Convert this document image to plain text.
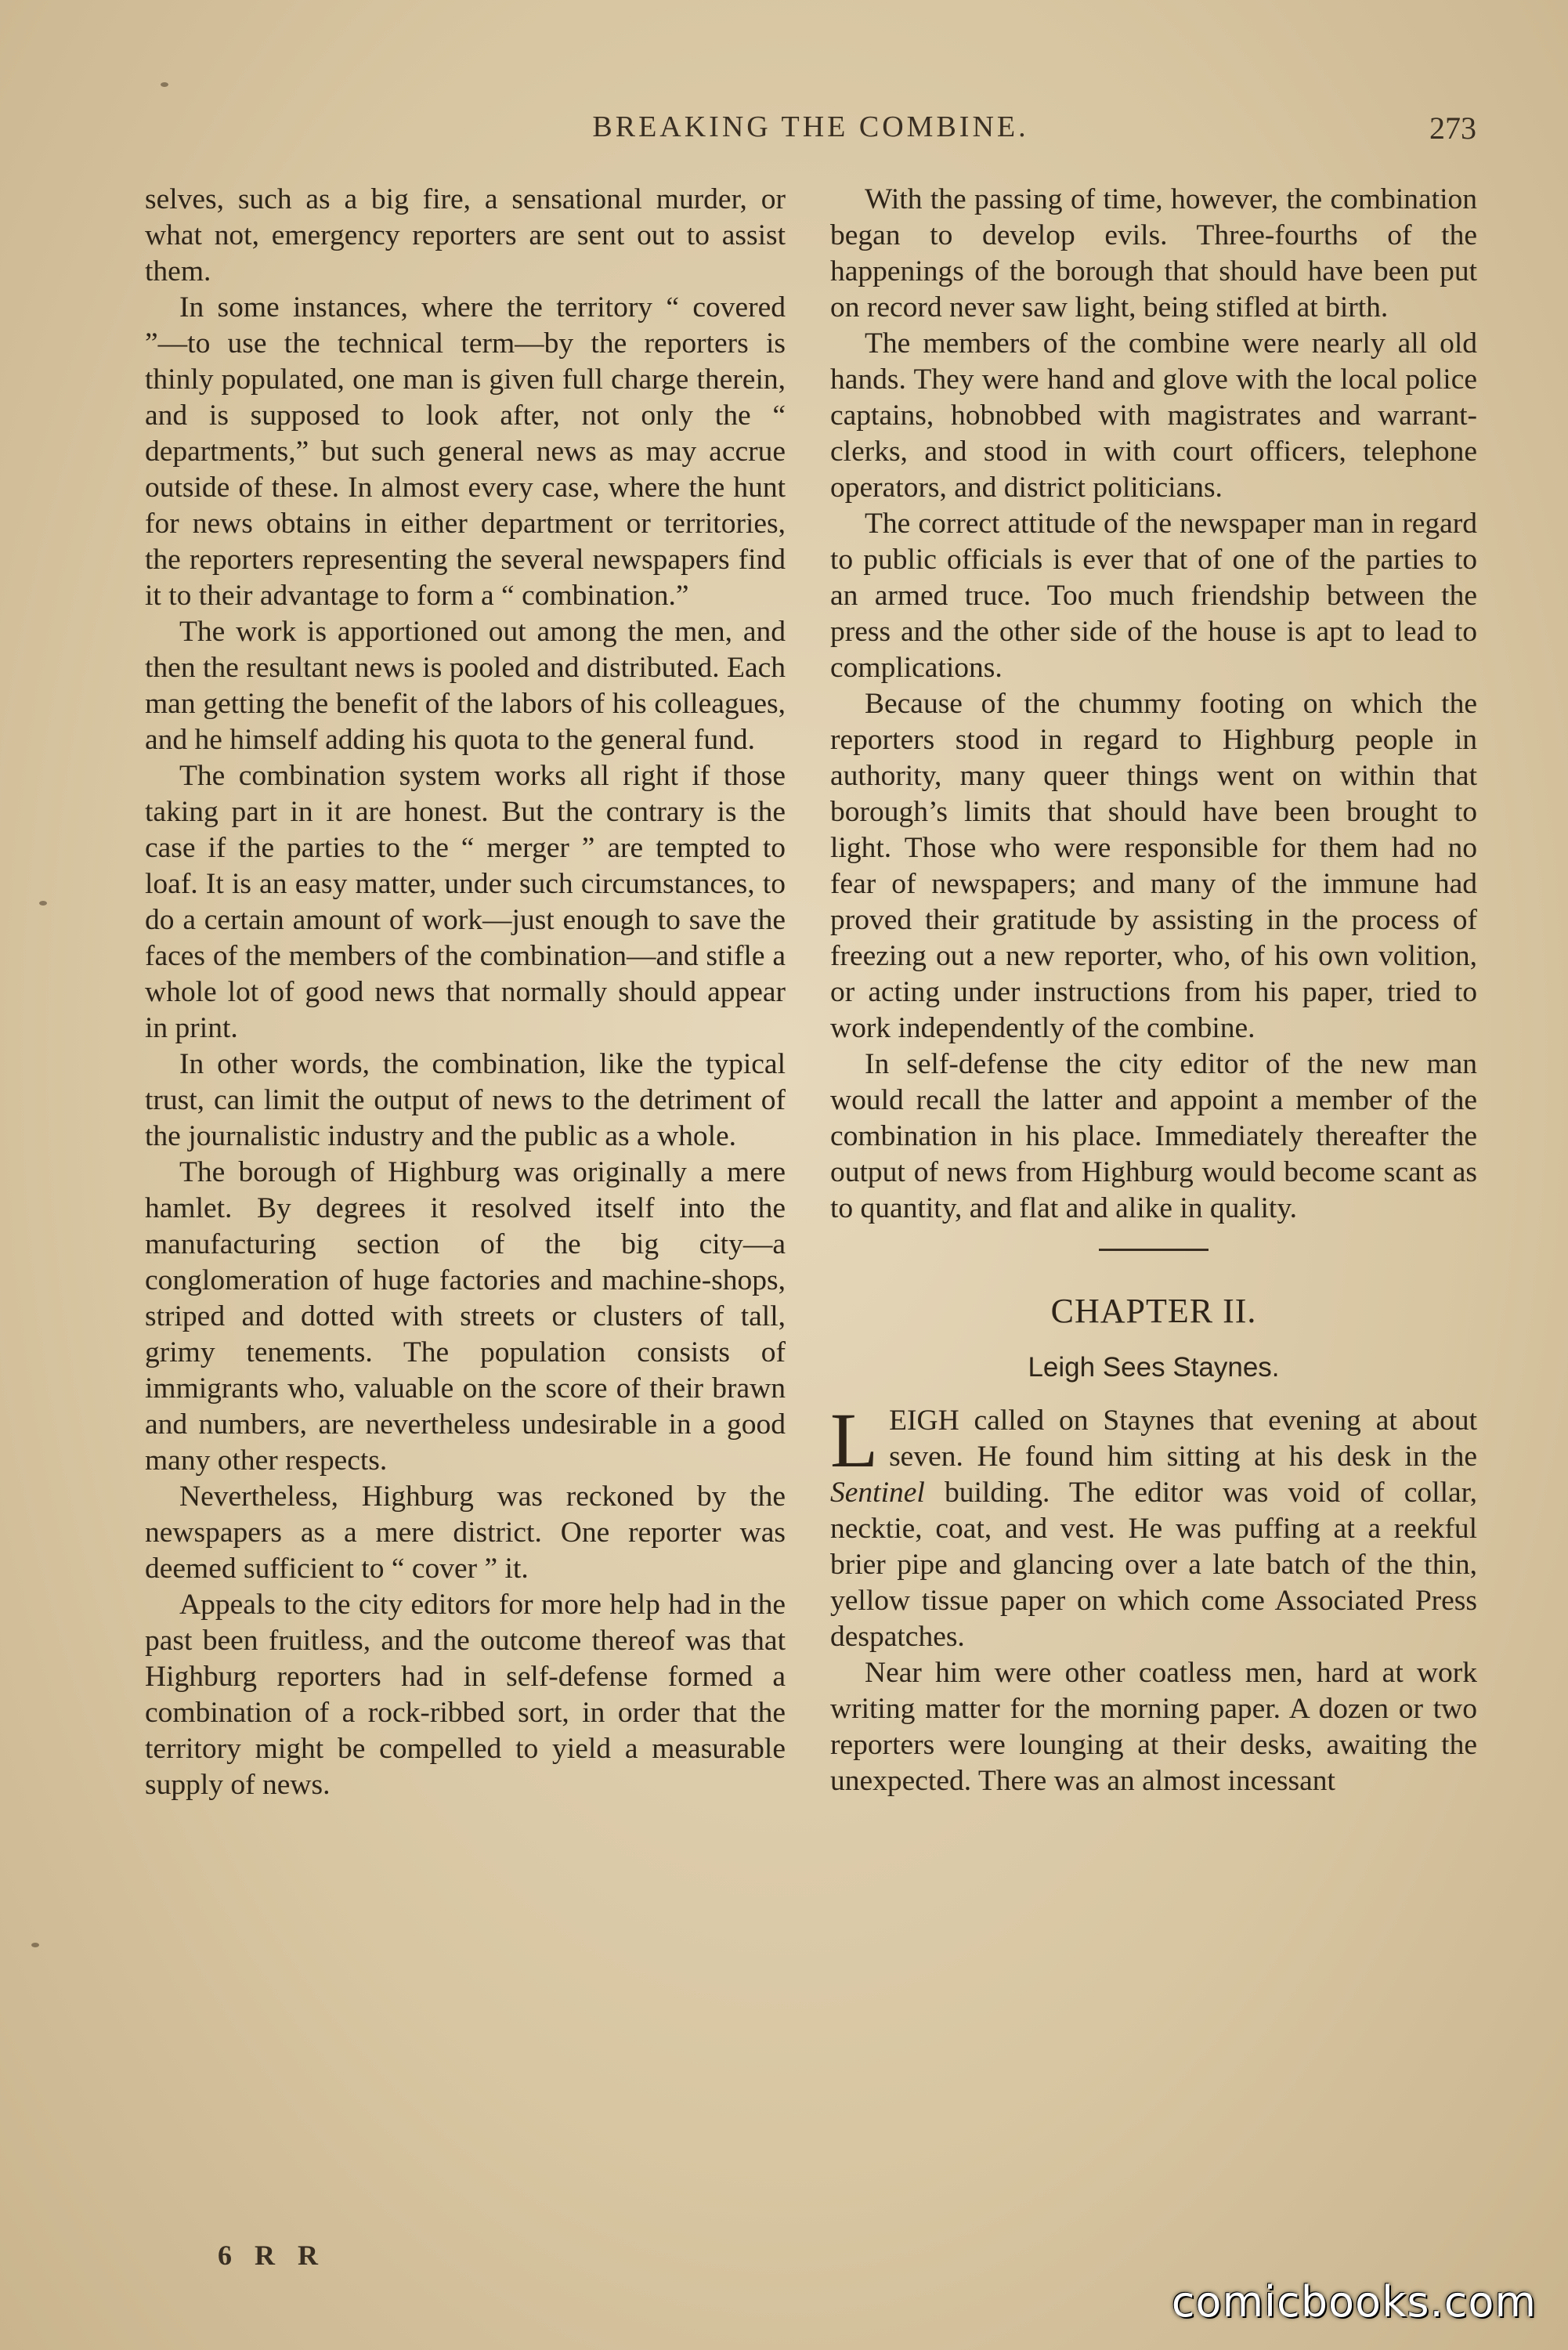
BREAKING THE COMBINE.	273

selves, such as a big fire, a sensational murder, or what not, emergency reporters are sent out to assist them.

In some instances, where the territory “ covered ”—to use the technical term—by the reporters is thinly populated, one man is given full charge therein, and is supposed to look after, not only the “ departments,” but such general news as may accrue outside of these. In almost every case, where the hunt for news obtains in either department or territories, the reporters representing the several newspapers find it to their advantage to form a “ combination.”

The work is apportioned out among the men, and then the resultant news is pooled and distributed. Each man getting the benefit of the labors of his colleagues, and he himself adding his quota to the general fund.

The combination system works all right if those taking part in it are honest. But the contrary is the case if the parties to the “ merger ” are tempted to loaf. It is an easy matter, under such circumstances, to do a certain amount of work—just enough to save the faces of the members of the combination—and stifle a whole lot of good news that normally should appear in print.

In other words, the combination, like the typical trust, can limit the output of news to the detriment of the journalistic industry and the public as a whole.

The borough of Highburg was originally a mere hamlet. By degrees it resolved itself into the manufacturing section of the big city—a conglomeration of huge factories and machine-shops, striped and dotted with streets or clusters of tall, grimy tenements. The population consists of immigrants who, valuable on the score of their brawn and numbers, are nevertheless undesirable in a good many other respects.

Nevertheless, Highburg was reckoned by the newspapers as a mere district. One reporter was deemed sufficient to “ cover ” it.

Appeals to the city editors for more help had in the past been fruitless, and the outcome thereof was that Highburg reporters had in self-defense formed a combination of a rock-ribbed sort, in order that the territory might be compelled to yield a measurable supply of news.

With the passing of time, however, the combination began to develop evils. Three-fourths of the happenings of the borough that should have been put on record never saw light, being stifled at birth.

The members of the combine were nearly all old hands. They were hand and glove with the local police captains, hobnobbed with magistrates and warrant-clerks, and stood in with court officers, telephone operators, and district politicians.

The correct attitude of the newspaper man in regard to public officials is ever that of one of the parties to an armed truce. Too much friendship between the press and the other side of the house is apt to lead to complications.

Because of the chummy footing on which the reporters stood in regard to Highburg people in authority, many queer things went on within that borough’s limits that should have been brought to light. Those who were responsible for them had no fear of newspapers; and many of the immune had proved their gratitude by assisting in the process of freezing out a new reporter, who, of his own volition, or acting under instructions from his paper, tried to work independently of the combine.

In self-defense the city editor of the new man would recall the latter and appoint a member of the combination in his place. Immediately thereafter the output of news from Highburg would become scant as to quantity, and flat and alike in quality.

CHAPTER II.
Leigh Sees Staynes.

LEIGH called on Staynes that evening at about seven. He found him sitting at his desk in the Sentinel building. The editor was void of collar, necktie, coat, and vest. He was puffing at a reekful brier pipe and glancing over a late batch of the thin, yellow tissue paper on which come Associated Press despatches.

Near him were other coatless men, hard at work writing matter for the morning paper. A dozen or two reporters were lounging at their desks, awaiting the unexpected. There was an almost incessant

6 R R
comicbooks.com
